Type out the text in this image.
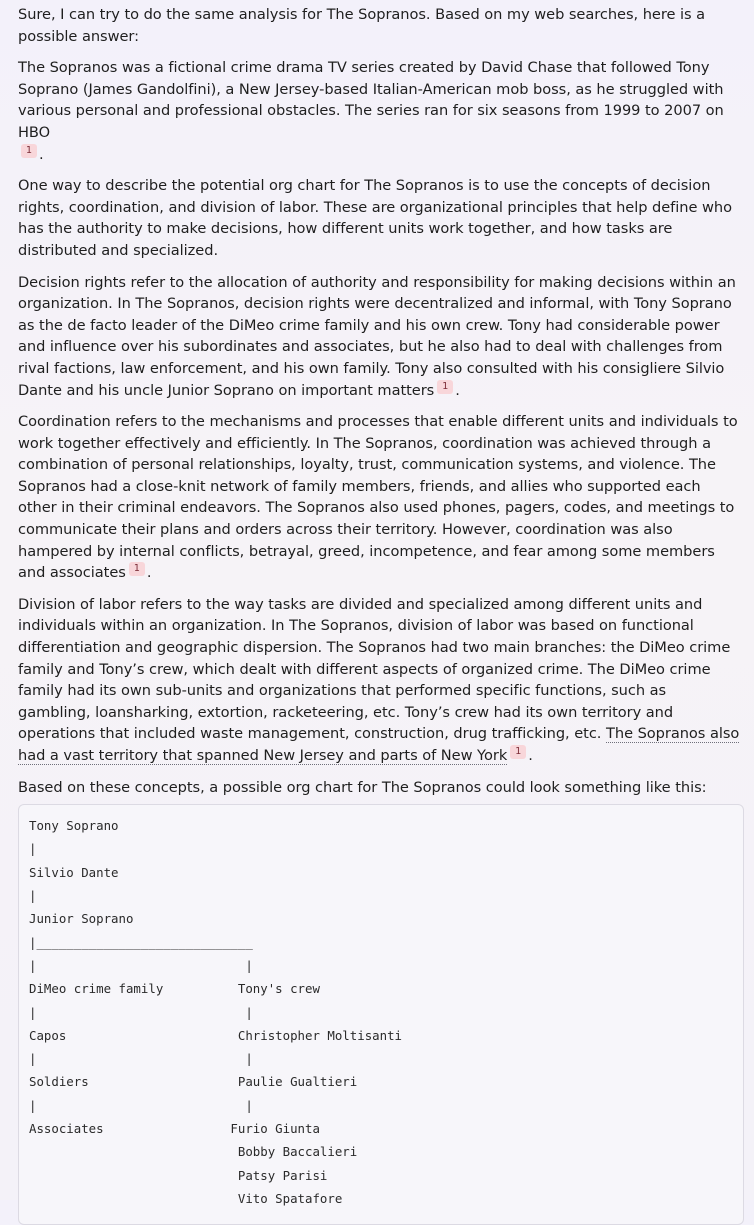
Sure, I can try to do the same analysis for The Sopranos. Based on my web searches, here is a possible answer:

The Sopranos was a fictional crime drama TV series created by David Chase that followed Tony Soprano (James Gandolfini), a New Jersey-based Italian-American mob boss, as he struggled with various personal and professional obstacles. The series ran for six seasons from 1999 to 2007 on HBO
1 .

One way to describe the potential org chart for The Sopranos is to use the concepts of decision rights, coordination, and division of labor. These are organizational principles that help define who has the authority to make decisions, how different units work together, and how tasks are distributed and specialized.

Decision rights refer to the allocation of authority and responsibility for making decisions within an organization. In The Sopranos, decision rights were decentralized and informal, with Tony Soprano as the de facto leader of the DiMeo crime family and his own crew. Tony had considerable power and influence over his subordinates and associates, but he also had to deal with challenges from rival factions, law enforcement, and his own family. Tony also consulted with his consigliere Silvio Dante and his uncle Junior Soprano on important matters 1 .

Coordination refers to the mechanisms and processes that enable different units and individuals to work together effectively and efficiently. In The Sopranos, coordination was achieved through a combination of personal relationships, loyalty, trust, communication systems, and violence. The Sopranos had a close-knit network of family members, friends, and allies who supported each other in their criminal endeavors. The Sopranos also used phones, pagers, codes, and meetings to communicate their plans and orders across their territory. However, coordination was also hampered by internal conflicts, betrayal, greed, incompetence, and fear among some members and associates 1 .

Division of labor refers to the way tasks are divided and specialized among different units and individuals within an organization. In The Sopranos, division of labor was based on functional differentiation and geographic dispersion. The Sopranos had two main branches: the DiMeo crime family and Tony’s crew, which dealt with different aspects of organized crime. The DiMeo crime family had its own sub-units and organizations that performed specific functions, such as gambling, loansharking, extortion, racketeering, etc. Tony’s crew had its own territory and operations that included waste management, construction, drug trafficking, etc. The Sopranos also had a vast territory that spanned New Jersey and parts of New York 1 .

Based on these concepts, a possible org chart for The Sopranos could look something like this:

Tony Soprano
|
Silvio Dante
|
Junior Soprano
|_____________________________
|                            |
DiMeo crime family          Tony's crew
|                            |
Capos                       Christopher Moltisanti
|                            |
Soldiers                    Paulie Gualtieri
|                            |
Associates                 Furio Giunta
Bobby Baccalieri
Patsy Parisi
Vito Spatafore
